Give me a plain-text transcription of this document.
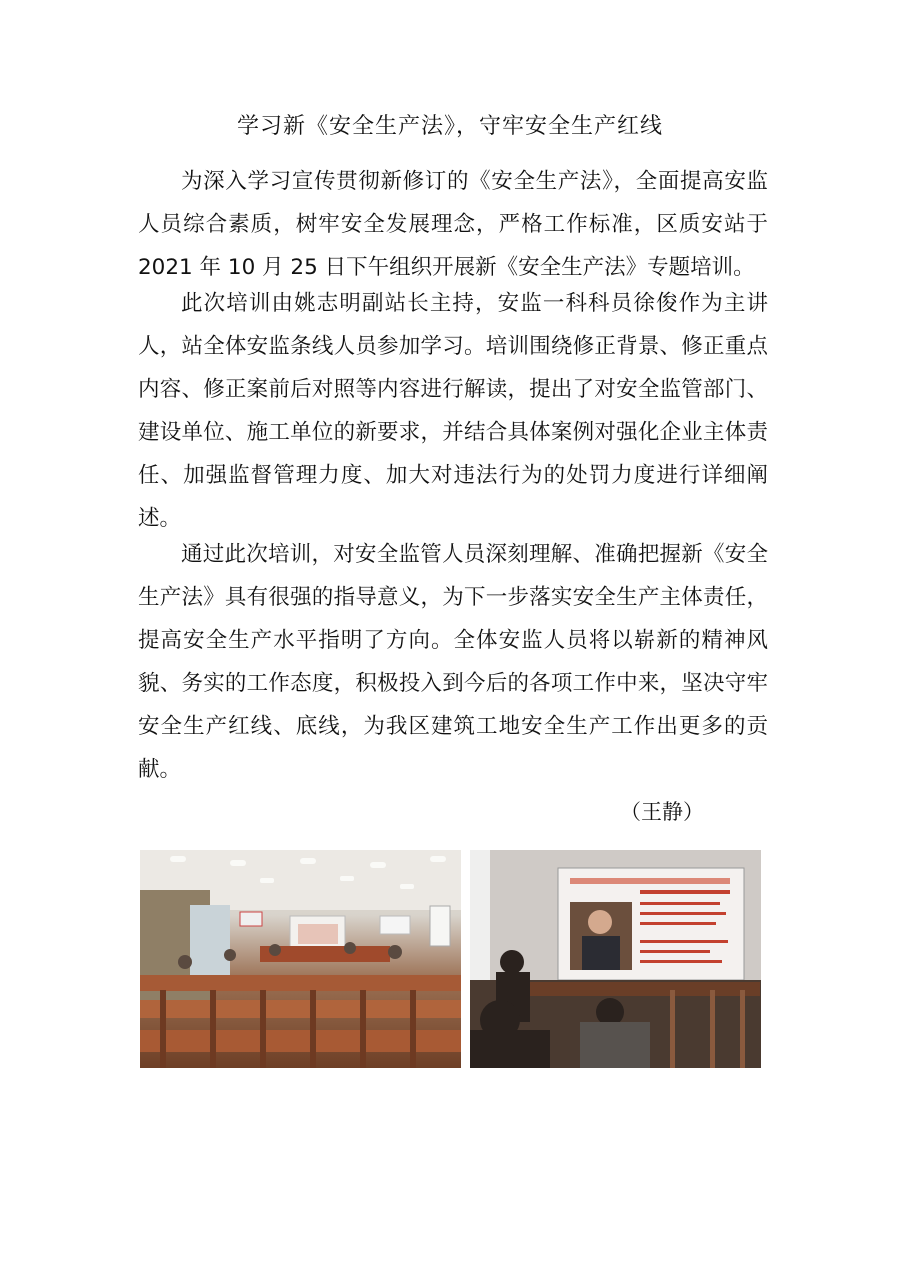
学习新《安全生产法》，守牢安全生产红线

为深入学习宣传贯彻新修订的《安全生产法》，全面提高安监人员综合素质，树牢安全发展理念，严格工作标准，区质安站于 2021 年 10 月 25 日下午组织开展新《安全生产法》专题培训。

此次培训由姚志明副站长主持，安监一科科员徐俊作为主讲人，站全体安监条线人员参加学习。培训围绕修正背景、修正重点内容、修正案前后对照等内容进行解读，提出了对安全监管部门、建设单位、施工单位的新要求，并结合具体案例对强化企业主体责任、加强监督管理力度、加大对违法行为的处罚力度进行详细阐述。

通过此次培训，对安全监管人员深刻理解、准确把握新《安全生产法》具有很强的指导意义，为下一步落实安全生产主体责任，提高安全生产水平指明了方向。全体安监人员将以崭新的精神风貌、务实的工作态度，积极投入到今后的各项工作中来，坚决守牢安全生产红线、底线，为我区建筑工地安全生产工作出更多的贡献。

（王静）
